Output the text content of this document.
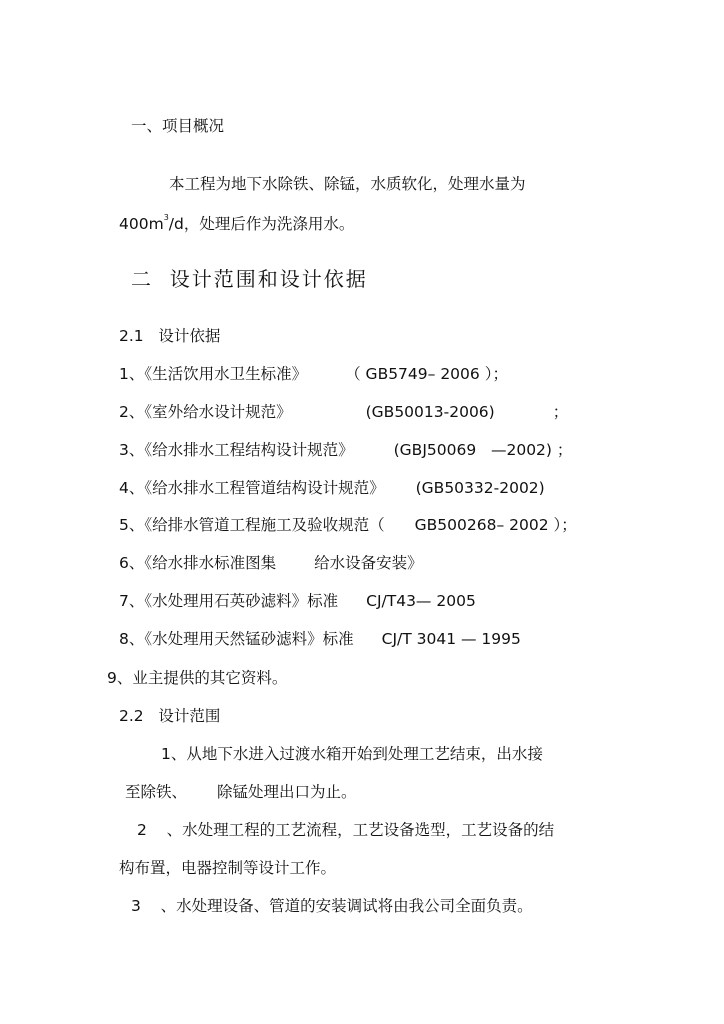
一、项目概况

本工程为地下水除铁、除锰，水质软化，处理水量为

$400m^3/d$，处理后作为洗涤用水。

二  设计范围和设计依据
2.1   设计依据

1、《生活饮用水卫生标准》 （ GB5749– 2006 ）；

2、《室外给水设计规范》	(GB50013-2006)	；

3、《给水排水工程结构设计规范》	(GBJ50069   —2002) ；

4、《给水排水工程管道结构设计规范》 (GB50332-2002)

5、《给排水管道工程施工及验收规范（ GB500268– 2002 ）；

6、《给水排水标准图集 给水设备安装》

7、《水处理用石英砂滤料》标准 CJ/T43— 2005

8、《水处理用天然锰砂滤料》标准 CJ/T 3041 — 1995

9、业主提供的其它资料。

2.2   设计范围

1、从地下水进入过渡水箱开始到处理工艺结束，出水接

至除铁、 除锰处理出口为止。

2    、水处理工程的工艺流程，工艺设备选型，工艺设备的结

构布置，电器控制等设计工作。

3    、水处理设备、管道的安装调试将由我公司全面负责。
